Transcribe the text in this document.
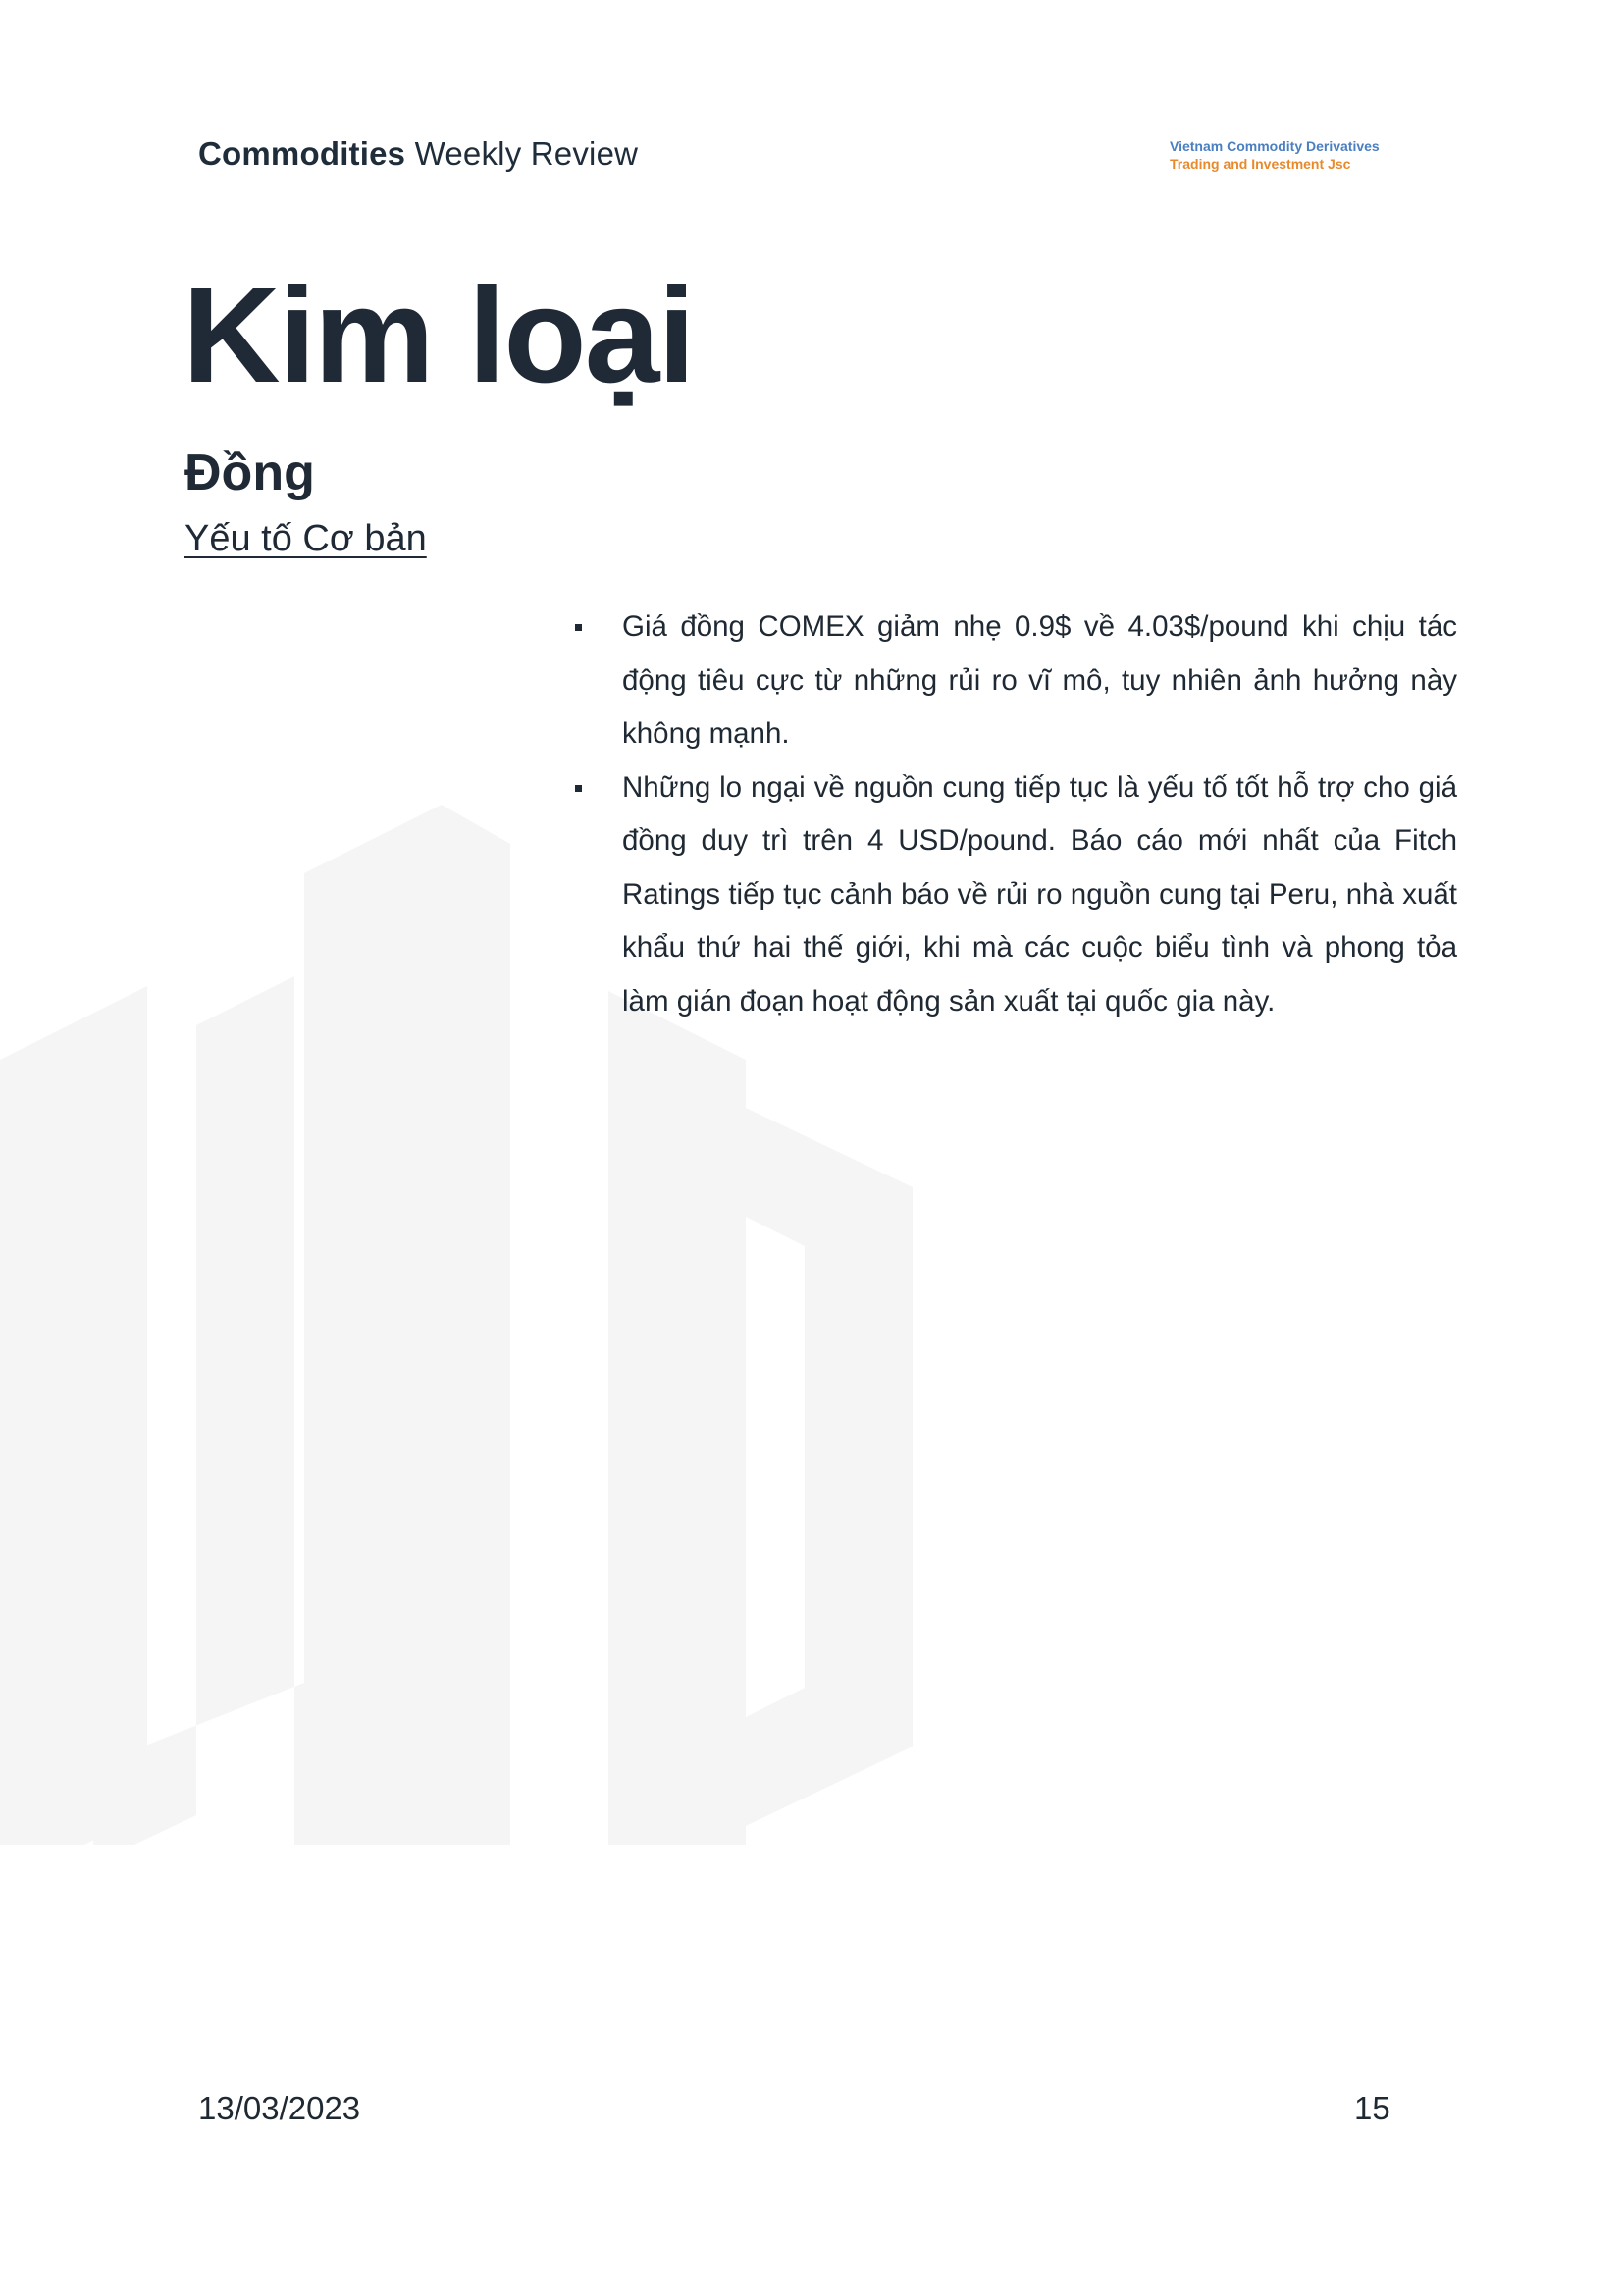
Commodities Weekly Review	Vietnam Commodity Derivatives
Trading and Investment Jsc
Kim loại
Đồng
Yếu tố Cơ bản
Giá đồng COMEX giảm nhẹ 0.9$ về 4.03$/pound khi chịu tác động tiêu cực từ những rủi ro vĩ mô, tuy nhiên ảnh hưởng này không mạnh.
Những lo ngại về nguồn cung tiếp tục là yếu tố tốt hỗ trợ cho giá đồng duy trì trên 4 USD/pound. Báo cáo mới nhất của Fitch Ratings tiếp tục cảnh báo về rủi ro nguồn cung tại Peru, nhà xuất khẩu thứ hai thế giới, khi mà các cuộc biểu tình và phong tỏa làm gián đoạn hoạt động sản xuất tại quốc gia này.
13/03/2023	15
